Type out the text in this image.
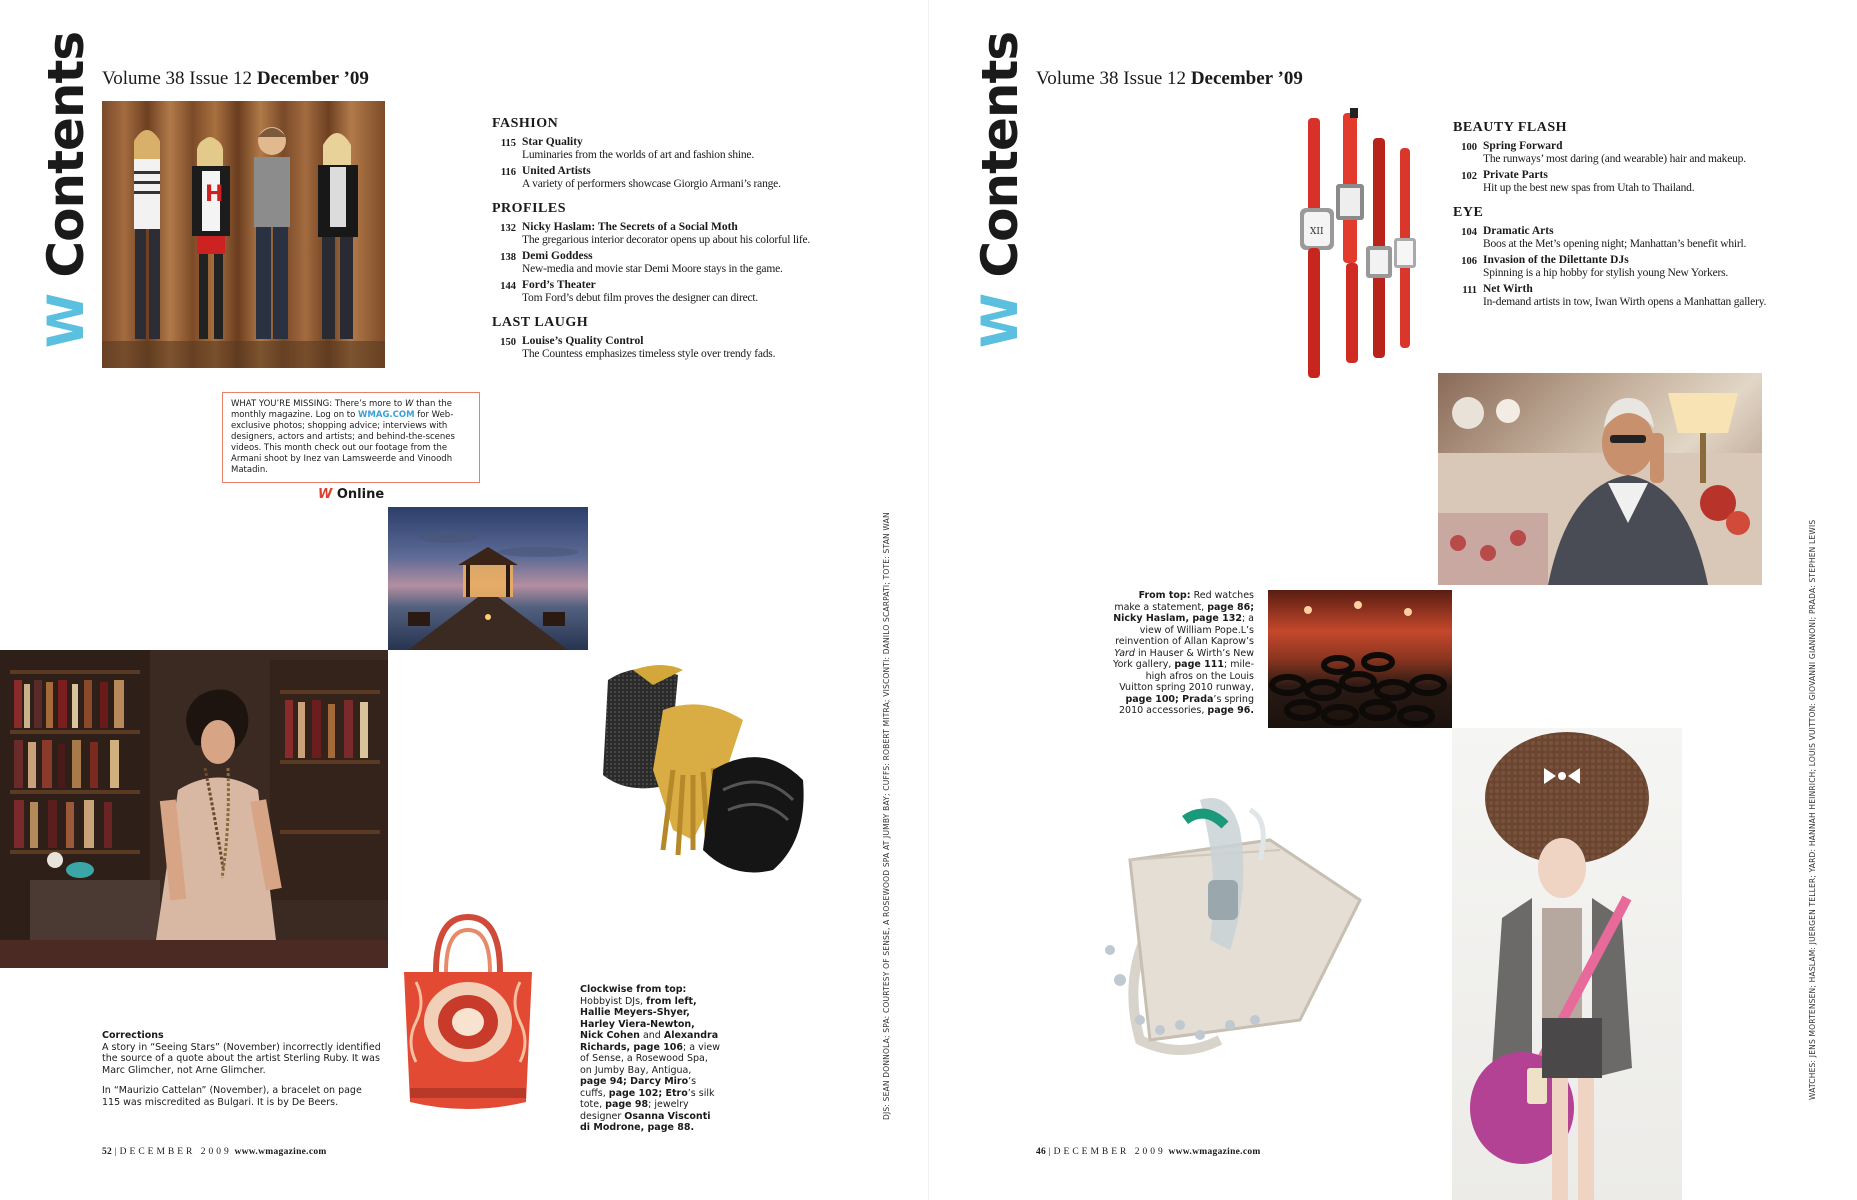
W Contents Volume 38 Issue 12 December ’09
H
FASHION
115 Star Quality
Luminaries from the worlds of art and fashion shine.
116 United Artists
A variety of performers showcase Giorgio Armani’s range.
PROFILES
132 Nicky Haslam: The Secrets of a Social Moth
The gregarious interior decorator opens up about his colorful life.
138 Demi Goddess
New-media and movie star Demi Moore stays in the game.
144 Ford’s Theater
Tom Ford’s debut film proves the designer can direct.
LAST LAUGH
150 Louise’s Quality Control
The Countess emphasizes timeless style over trendy fads.
WHAT YOU’RE MISSING: There’s more to W than the monthly magazine. Log on to WMAG.COM for Web-exclusive photos; shopping advice; interviews with designers, actors and artists; and behind-the-scenes videos. This month check out our footage from the Armani shoot by Inez van Lamsweerde and Vinoodh Matadin.
W Online
Corrections
A story in “Seeing Stars” (November) incorrectly identified the source of a quote about the artist Sterling Ruby. It was Marc Glimcher, not Arne Glimcher.
In “Maurizio Cattelan” (November), a bracelet on page 115 was miscredited as Bulgari. It is by De Beers.
Clockwise from top: Hobbyist DJs, from left, Hallie Meyers-Shyer, Harley Viera-Newton, Nick Cohen and Alexandra Richards, page 106; a view of Sense, a Rosewood Spa, on Jumby Bay, Antigua, page 94; Darcy Miro’s cuffs, page 102; Etro’s silk tote, page 98; jewelry designer Osanna Visconti di Modrone, page 88.
DJS: SEAN DONNOLA; SPA: COURTESY OF SENSE, A ROSEWOOD SPA AT JUMBY BAY; CUFFS: ROBERT MITRA; VISCONTI: DANILO SCARPATI; TOTE: STAN WAN
52 | DECEMBER 2009 www.wmagazine.com
W Contents Volume 38 Issue 12 December ’09
XII
BEAUTY FLASH
100 Spring Forward
The runways’ most daring (and wearable) hair and makeup.
102 Private Parts
Hit up the best new spas from Utah to Thailand.
EYE
104 Dramatic Arts
Boos at the Met’s opening night; Manhattan’s benefit whirl.
106 Invasion of the Dilettante DJs
Spinning is a hip hobby for stylish young New Yorkers.
111 Net Wirth
In-demand artists in tow, Iwan Wirth opens a Manhattan gallery.
From top: Red watches make a statement, page 86; Nicky Haslam, page 132; a view of William Pope.L’s reinvention of Allan Kaprow’s Yard in Hauser & Wirth’s New York gallery, page 111; mile-high afros on the Louis Vuitton spring 2010 runway, page 100; Prada’s spring 2010 accessories, page 96.	WATCHES: JENS MORTENSEN; HASLAM: JUERGEN TELLER; YARD: HANNAH HEINRICH; LOUIS VUITTON: GIOVANNI GIANNONI; PRADA: STEPHEN LEWIS
46 | DECEMBER 2009 www.wmagazine.com
